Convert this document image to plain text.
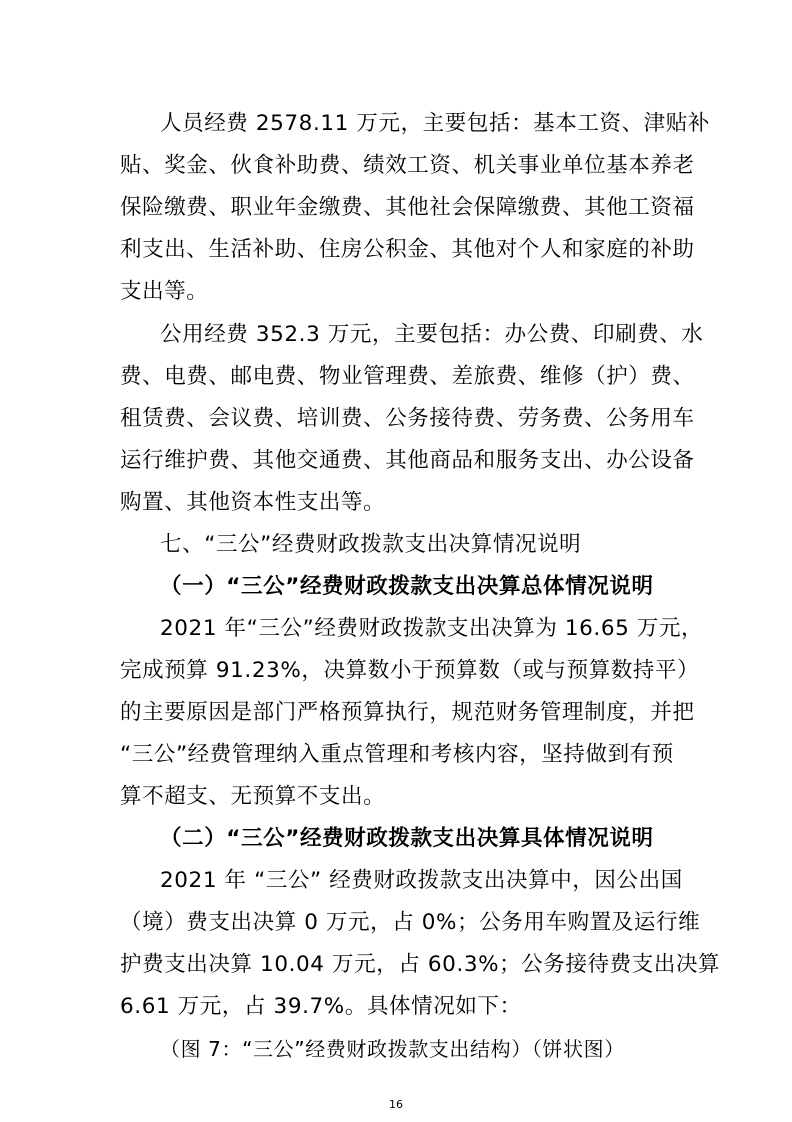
人员经费 2578.11 万元，主要包括：基本工资、津贴补
贴、奖金、伙食补助费、绩效工资、机关事业单位基本养老
保险缴费、职业年金缴费、其他社会保障缴费、其他工资福
利支出、生活补助、住房公积金、其他对个人和家庭的补助
支出等。
公用经费 352.3 万元，主要包括：办公费、印刷费、水
费、电费、邮电费、物业管理费、差旅费、维修（护）费、
租赁费、会议费、培训费、公务接待费、劳务费、公务用车
运行维护费、其他交通费、其他商品和服务支出、办公设备
购置、其他资本性支出等。
七、“三公”经费财政拨款支出决算情况说明
（一）“三公”经费财政拨款支出决算总体情况说明
2021 年“三公”经费财政拨款支出决算为 16.65 万元，
完成预算 91.23%，决算数小于预算数（或与预算数持平）
的主要原因是部门严格预算执行，规范财务管理制度，并把
“三公”经费管理纳入重点管理和考核内容，坚持做到有预
算不超支、无预算不支出。
（二）“三公”经费财政拨款支出决算具体情况说明
2021 年 “三公” 经费财政拨款支出决算中，因公出国
（境）费支出决算 0 万元，占 0%；公务用车购置及运行维
护费支出决算 10.04 万元，占 60.3%；公务接待费支出决算
6.61 万元，占 39.7%。具体情况如下：
（图 7：“三公”经费财政拨款支出结构）（饼状图）
16
